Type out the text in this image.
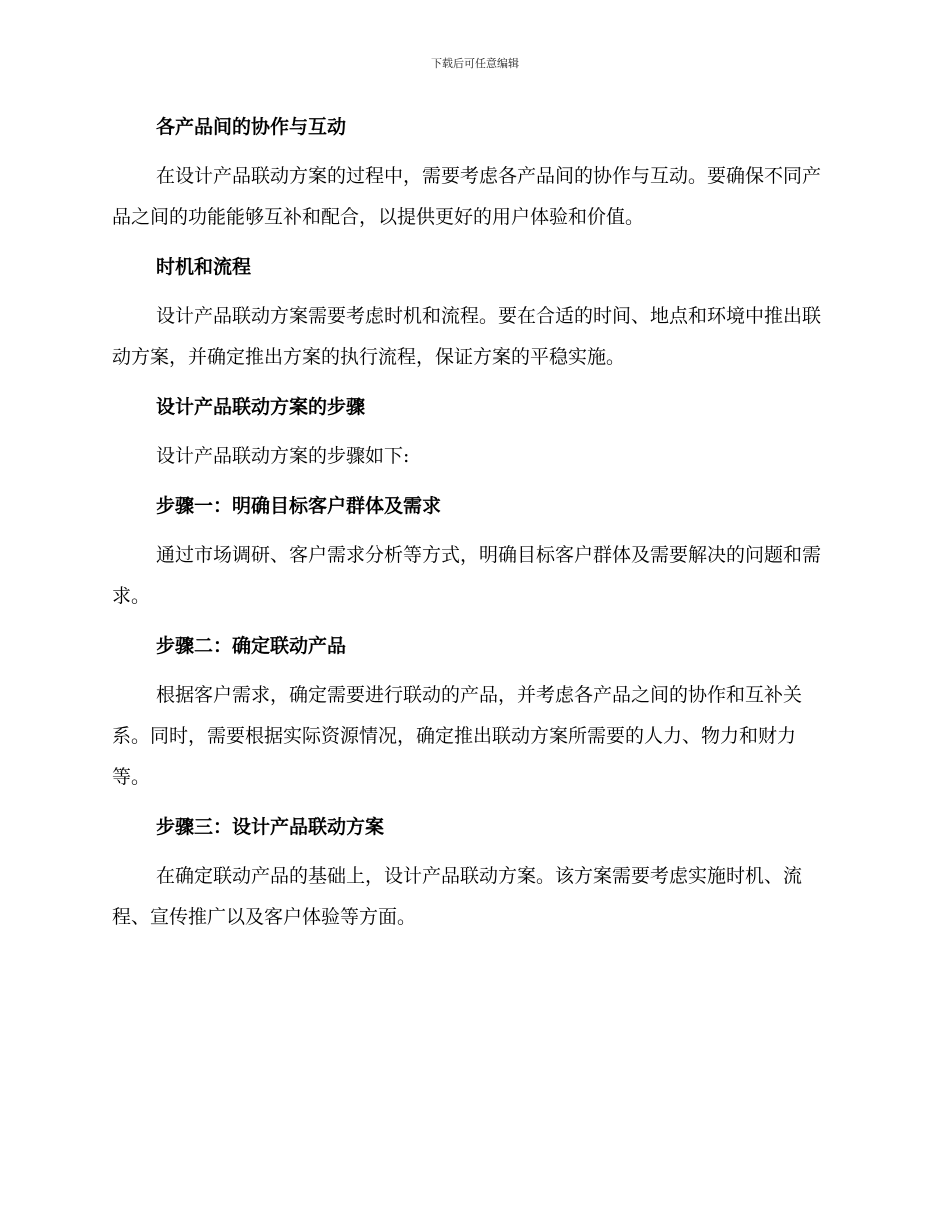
下载后可任意编辑
各产品间的协作与互动

在设计产品联动方案的过程中，需要考虑各产品间的协作与互动。要确保不同产品之间的功能能够互补和配合，以提供更好的用户体验和价值。

时机和流程

设计产品联动方案需要考虑时机和流程。要在合适的时间、地点和环境中推出联动方案，并确定推出方案的执行流程，保证方案的平稳实施。

设计产品联动方案的步骤

设计产品联动方案的步骤如下:

步骤一：明确目标客户群体及需求

通过市场调研、客户需求分析等方式，明确目标客户群体及需要解决的问题和需求。

步骤二：确定联动产品

根据客户需求，确定需要进行联动的产品，并考虑各产品之间的协作和互补关系。同时，需要根据实际资源情况，确定推出联动方案所需要的人力、物力和财力等。

步骤三：设计产品联动方案

在确定联动产品的基础上，设计产品联动方案。该方案需要考虑实施时机、流程、宣传推广以及客户体验等方面。
